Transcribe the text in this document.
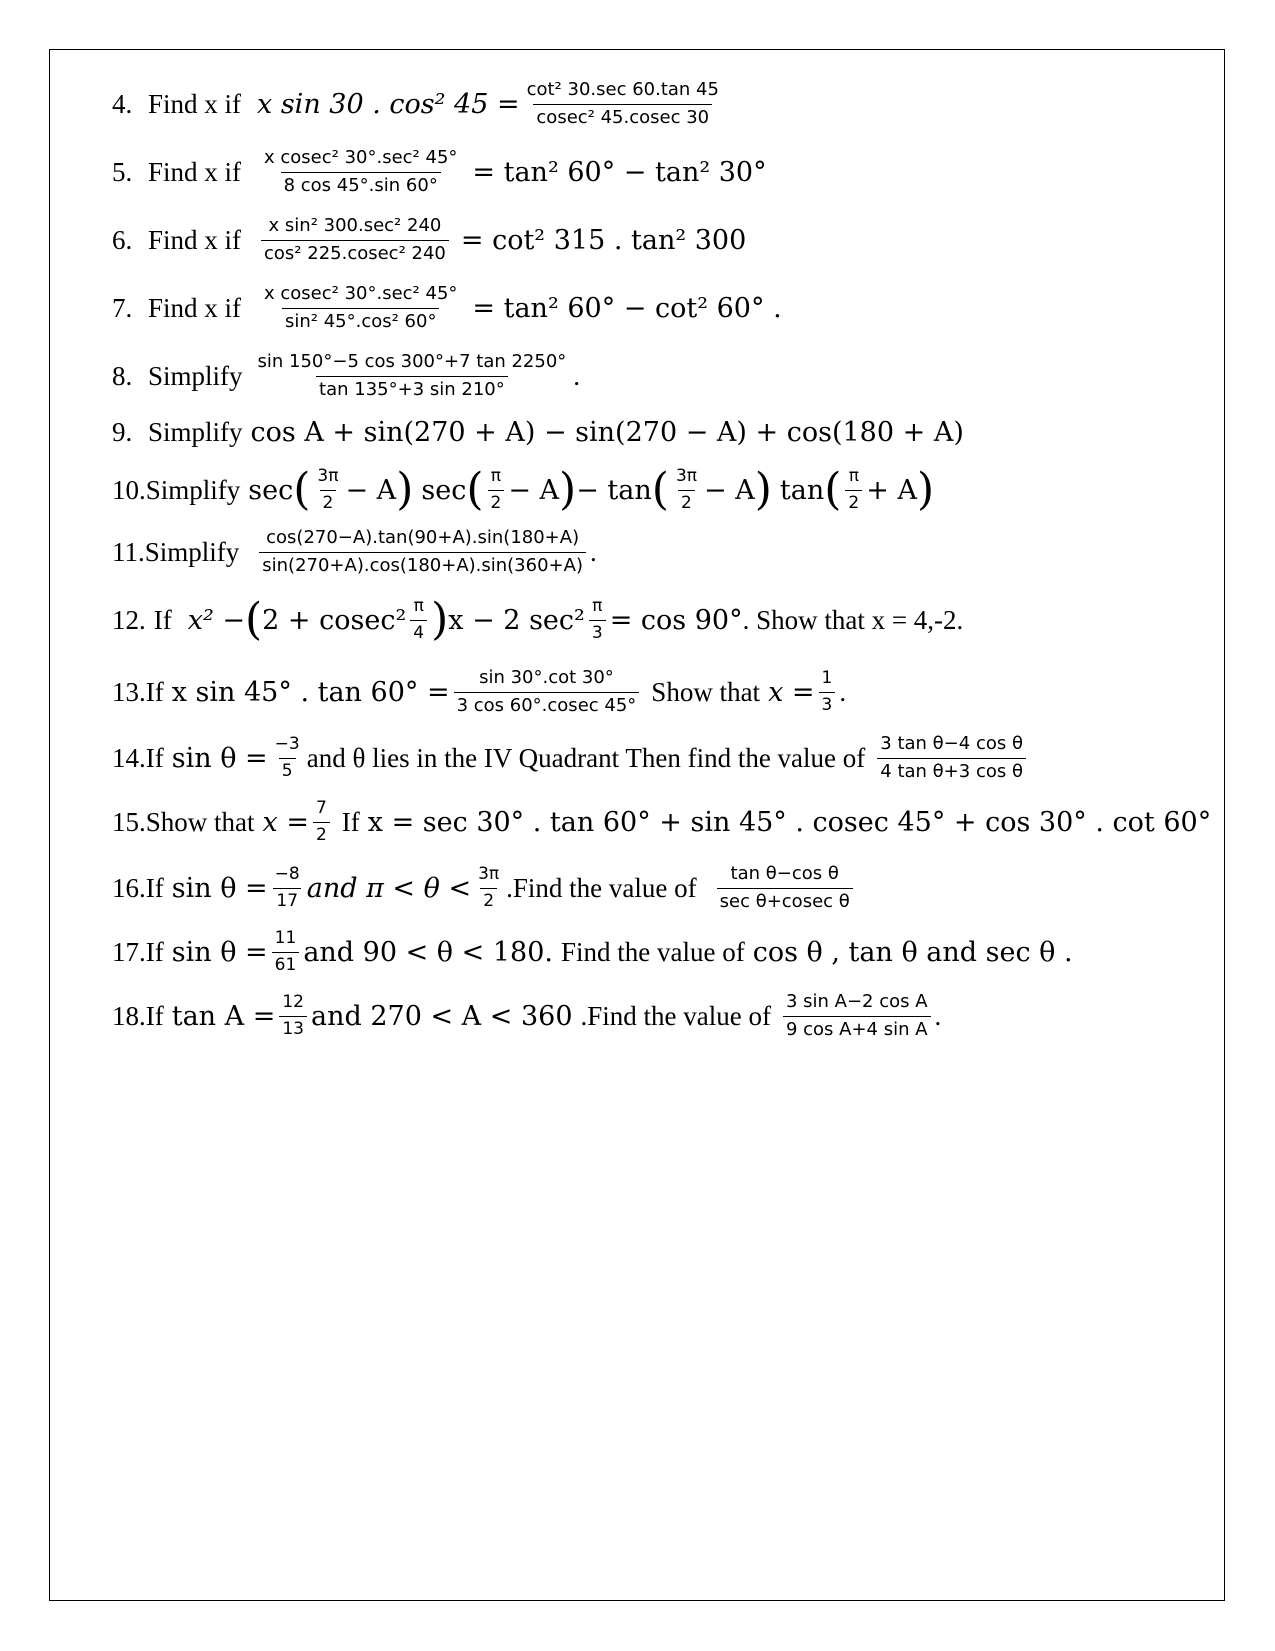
4. Find x if x sin 30 . cos² 45 = cot² 30.sec 60.tan 45
cosec² 45.cosec 30
5. Find x if x cosec² 30°.sec² 45°
8 cos 45°.sin 60° = tan² 60° − tan² 30°
6. Find x if x sin² 300.sec² 240
cos² 225.cosec² 240 = cot² 315 . tan² 300
7. Find x if x cosec² 30°.sec² 45°
sin² 45°.cos² 60° = tan² 60° − cot² 60° .
8. Simplify $\frac{\sin 150^\circ-5 \cos 300^\circ+7 \tan 2250^\circ}{\tan 135^\circ+3 \sin 210^\circ}$ .
9. Simplify cos A + sin(270 + A) − sin(270 − A) + cos(180 + A)
10. Simplify sec ( $\frac{3\pi}{2} - A$ ) sec ( $\frac{\pi}{2} - A$ ) − tan ( $\frac{3\pi}{2} - A$ ) tan ( $\frac{\pi}{2} + A$ )
11. Simplify $\frac{\cos(270-A).\tan(90+A).\sin(180+A)}{\sin(270+A).\cos(180+A).\sin(360+A)}$ .
12. If x² − ( $2 + cosec^2 \frac{\pi}{4}$ ) x − 2 $\sec^2 \frac{\pi}{3} = \cos 90^\circ$ . Show that x = 4,-2.
13. If x sin 45° . $\tan 60^\circ = \frac{\sin 30^\circ.\cot 30^\circ}{3 \cos 60^\circ.cosec 45^\circ}$ Show that $x = \frac{1}{3}$ .
14. If $\sin \theta = \frac{-3}{5}$ and θ lies in the IV Quadrant Then find the value of $\frac{\text{3 tan θ−4 cos θ}}{\text{4 tan θ+3 cos θ}}$
15. Show that $x = \frac{7}{2}$ If x = sec 30° . tan 60° + sin 45° . cosec 45° + cos 30° . cot 60°
16. If $\sin \theta = \frac{-8}{17}$ and $\pi < \theta < \frac{3\pi}{2}$ .Find the value of tan θ−cos θ
sec θ+cosec θ
17. If $\sin \theta = \frac{11}{61}$ and 90 < θ < 180. Find the value of cos θ , tan θ and sec θ .
18. If $\tan A = \frac{12}{13}$ and 270 < A < 360 .Find the value of $\frac{\text{3 sin A−2 cos A}}{\text{9 cos A+4 sin A}}$ .
